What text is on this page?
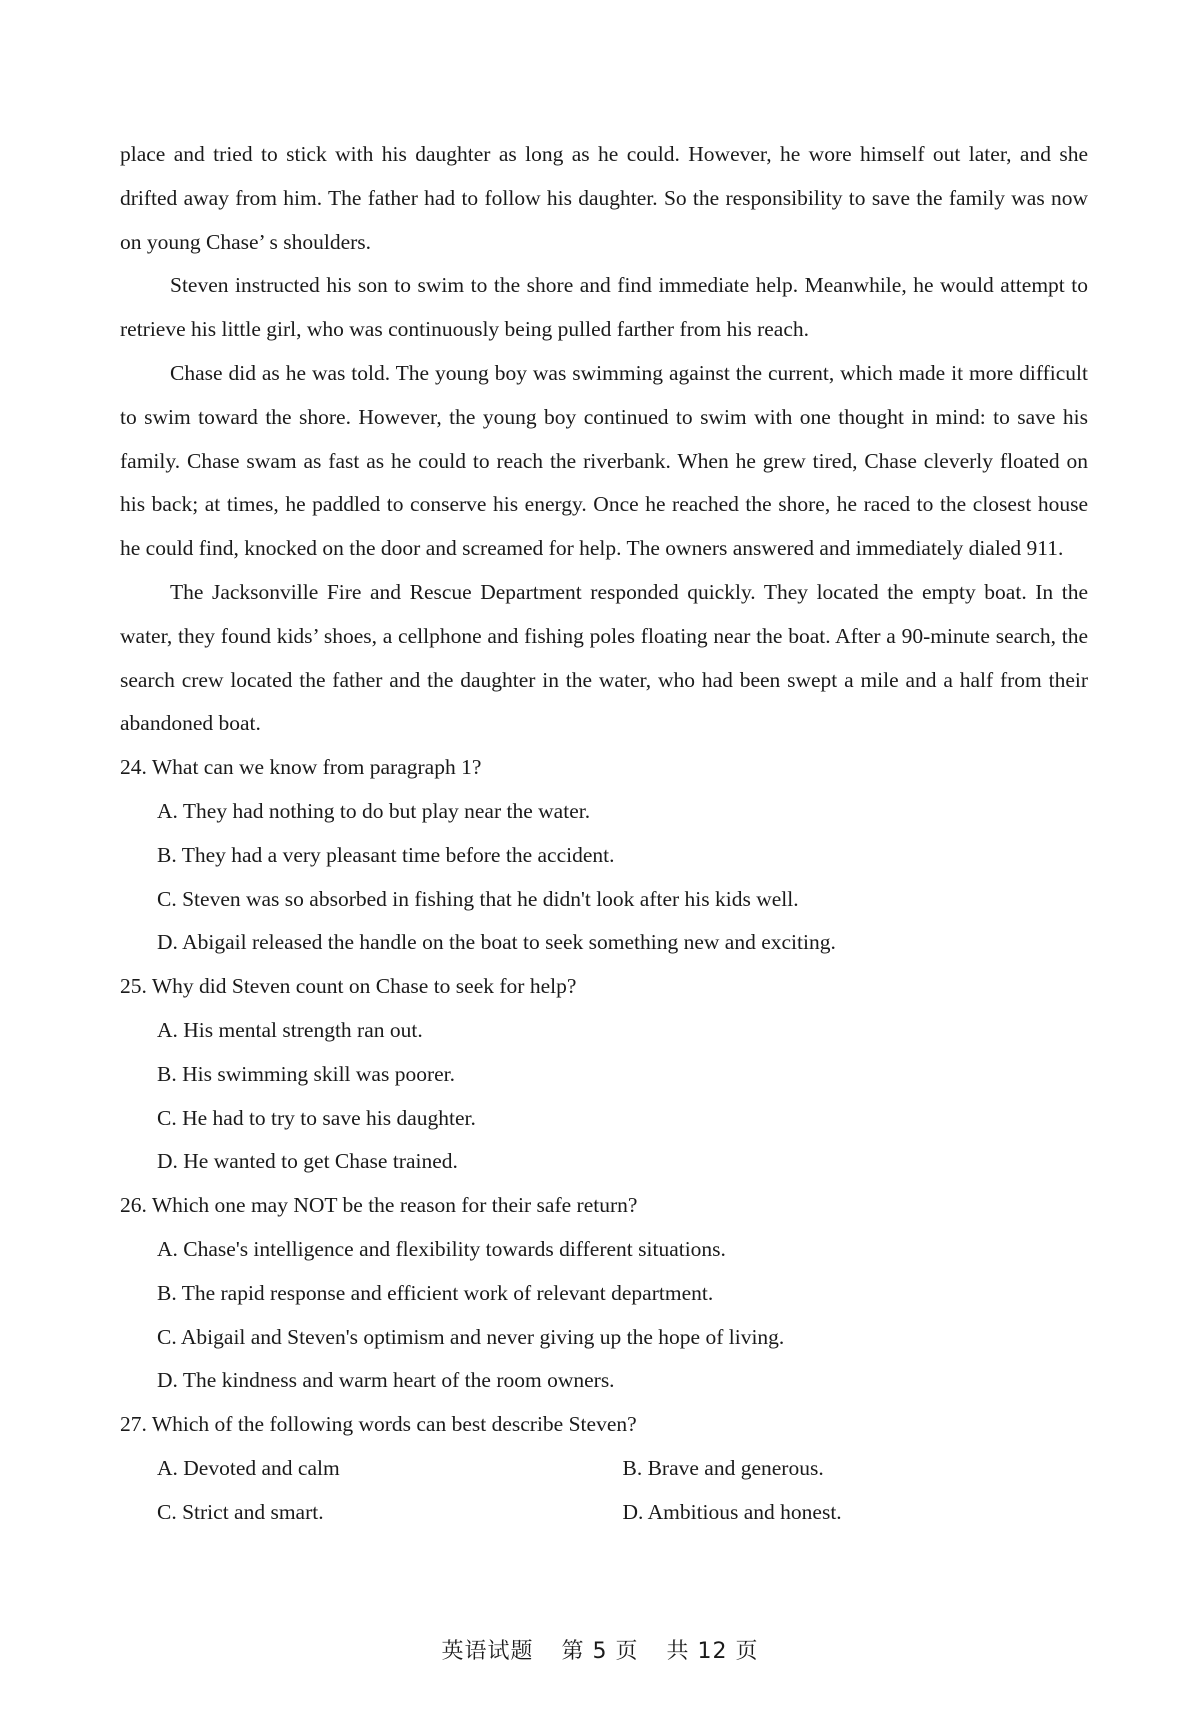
place and tried to stick with his daughter as long as he could. However, he wore himself out later, and she drifted away from him. The father had to follow his daughter. So the responsibility to save the family was now on young Chase’ s shoulders.

Steven instructed his son to swim to the shore and find immediate help. Meanwhile, he would attempt to retrieve his little girl, who was continuously being pulled farther from his reach.

Chase did as he was told. The young boy was swimming against the current, which made it more difficult to swim toward the shore. However, the young boy continued to swim with one thought in mind: to save his family. Chase swam as fast as he could to reach the riverbank. When he grew tired, Chase cleverly floated on his back; at times, he paddled to conserve his energy. Once he reached the shore, he raced to the closest house he could find, knocked on the door and screamed for help. The owners answered and immediately dialed 911.

The Jacksonville Fire and Rescue Department responded quickly. They located the empty boat. In the water, they found kids’ shoes, a cellphone and fishing poles floating near the boat. After a 90-minute search, the search crew located the father and the daughter in the water, who had been swept a mile and a half from their abandoned boat.

24. What can we know from paragraph 1?

A. They had nothing to do but play near the water.

B. They had a very pleasant time before the accident.

C. Steven was so absorbed in fishing that he didn't look after his kids well.

D. Abigail released the handle on the boat to seek something new and exciting.

25. Why did Steven count on Chase to seek for help?

A. His mental strength ran out.

B. His swimming skill was poorer.

C. He had to try to save his daughter.

D. He wanted to get Chase trained.

26. Which one may NOT be the reason for their safe return?

A. Chase's intelligence and flexibility towards different situations.

B. The rapid response and efficient work of relevant department.

C. Abigail and Steven's optimism and never giving up the hope of living.

D. The kindness and warm heart of the room owners.

27. Which of the following words can best describe Steven?

A. Devoted and calm	B. Brave and generous.
C. Strict and smart.	D. Ambitious and honest.
英语试题 第 5 页 共 12 页
